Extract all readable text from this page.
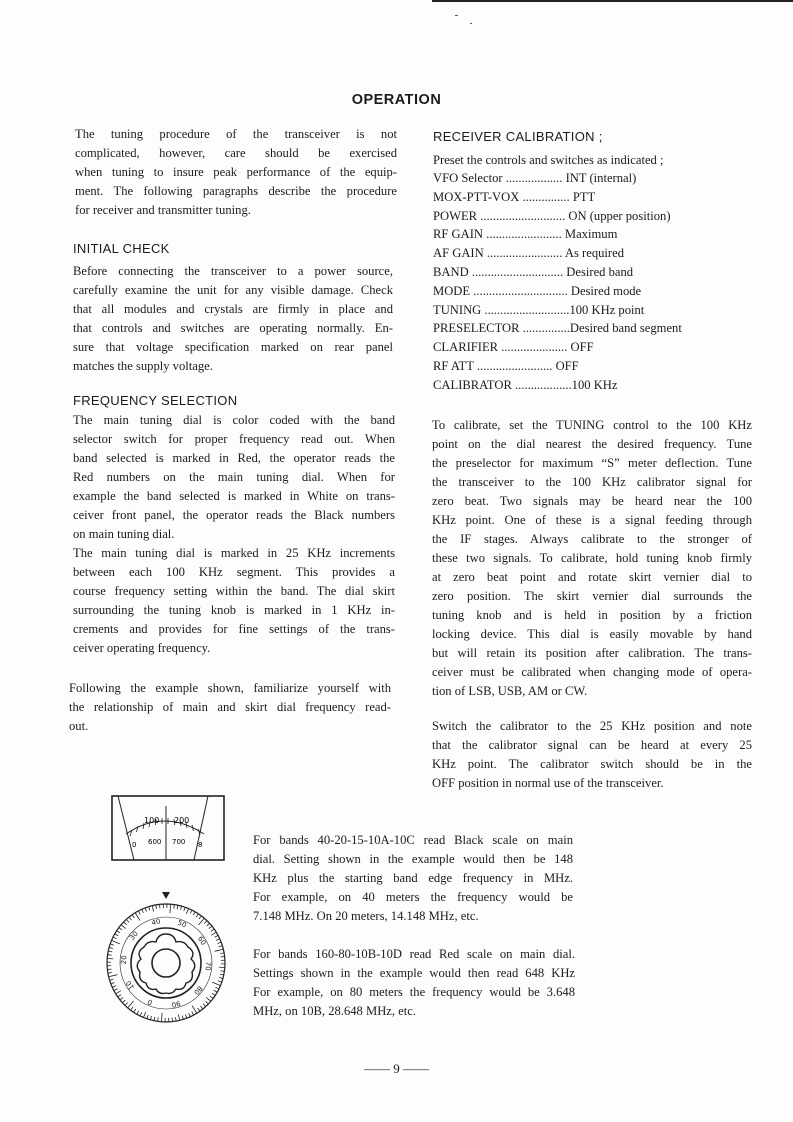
OPERATION
The tuning procedure of the transceiver is not
complicated, however, care should be exercised
when tuning to insure peak performance of the equip-
ment. The following paragraphs describe the procedure
for receiver and transmitter tuning.
INITIAL CHECK
Before connecting the transceiver to a power source,
carefully examine the unit for any visible damage. Check
that all modules and crystals are firmly in place and
that controls and switches are operating normally. En-
sure that voltage specification marked on rear panel
matches the supply voltage.
FREQUENCY SELECTION
The main tuning dial is color coded with the band
selector switch for proper frequency read out. When
band selected is marked in Red, the operator reads the
Red numbers on the main tuning dial. When for
example the band selected is marked in White on trans-
ceiver front panel, the operator reads the Black numbers
on main tuning dial.
The main tuning dial is marked in 25 KHz increments
between each 100 KHz segment. This provides a
course frequency setting within the band. The dial skirt
surrounding the tuning knob is marked in 1 KHz in-
crements and provides for fine settings of the trans-
ceiver operating frequency.
Following the example shown, familiarize yourself with
the relationship of main and skirt dial frequency read-
out.
RECEIVER CALIBRATION ;
Preset the controls and switches as indicated ;
VFO Selector .................. INT (internal)
MOX-PTT-VOX ............... PTT
POWER ........................... ON (upper position)
RF GAIN ........................ Maximum
AF GAIN ........................ As required
BAND ............................. Desired band
MODE .............................. Desired mode
TUNING ...........................100 KHz point
PRESELECTOR ...............Desired band segment
CLARIFIER ..................... OFF
RF ATT ........................ OFF
CALIBRATOR ..................100 KHz
To calibrate, set the TUNING control to the 100 KHz
point on the dial nearest the desired frequency. Tune
the preselector for maximum “S” meter deflection. Tune
the transceiver to the 100 KHz calibrator signal for
zero beat. Two signals may be heard near the 100
KHz point. One of these is a signal feeding through
the IF stages. Always calibrate to the stronger of
these two signals. To calibrate, hold tuning knob firmly
at zero beat point and rotate skirt vernier dial to
zero position. The skirt vernier dial surrounds the
tuning knob and is held in position by a friction
locking device. This dial is easily movable by hand
but will retain its position after calibration. The trans-
ceiver must be calibrated when changing mode of opera-
tion of LSB, USB, AM or CW.
Switch the calibrator to the 25 KHz position and note
that the calibrator signal can be heard at every 25
KHz point. The calibrator switch should be in the
OFF position in normal use of the transceiver.
100 200
0 600 700 8
40 50
60
70
80
90
0
10
20
30
For bands 40-20-15-10A-10C read Black scale on main
dial. Setting shown in the example would then be 148
KHz plus the starting band edge frequency in MHz.
For example, on 40 meters the frequency would be
7.148 MHz. On 20 meters, 14.148 MHz, etc.
For bands 160-80-10B-10D read Red scale on main dial.
Settings shown in the example would then read 648 KHz
For example, on 80 meters the frequency would be 3.648
MHz, on 10B, 28.648 MHz, etc.
—— 9 ——
